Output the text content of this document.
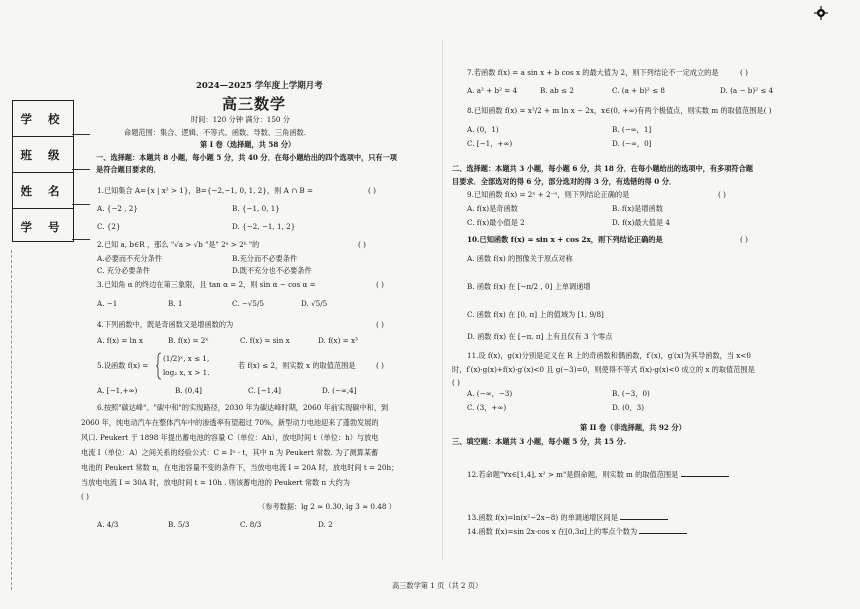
学 校
班 级
姓 名
学 号
2024—2025 学年度上学期月考
高三数学
时间：120 分钟 满分：150 分
命题范围：集合、逻辑、不等式、函数、导数、三角函数.
第 I 卷（选择题，共 58 分）
一、选择题：本题共 8 小题，每小题 5 分，共 40 分．在每小题给出的四个选项中，只有一项
是符合题目要求的．
1.已知集合 A={x | x² > 1}，B={−2,−1, 0, 1, 2}，则 A ∩ B =	( )
A. {−2 , 2}	B. {−1, 0, 1}
C. {2}	D. {−2, −1, 1, 2}
2.已知 a, b∈R ，那么 "√a > √b "是" 2ᵃ > 2ᵇ "的	( )
A.必要而不充分条件	B.充分而不必要条件
C. 充分必要条件	D.既不充分也不必要条件
3.已知角 α 的终边在第三象限，且 tan α = 2，则 sin α − cos α =	( )
A. −1	B. 1	C. −√5/5	D. √5/5
4.下列函数中，既是奇函数又是增函数的为	( )
A. f(x) = ln x	B. f(x) = 2ˣ	C. f(x) = sin x	D. f(x) = x³
5.设函数 f(x) =
(1/2)ˣ, x ≤ 1,
log₂ x, x > 1.
若 f(x) ≤ 2，则实数 x 的取值范围是	( )
A. [−1,+∞)	B. (0,4]	C. [−1,4]	D. (−∞,4]
6.按照"碳达峰"、"碳中和"的实现路径，2030 年为碳达峰时期，2060 年前实现碳中和，到
2060 年，纯电动汽车在整体汽车中的渗透率有望超过 70%，新型动力电池迎来了蓬勃发展的
风口. Peukert 于 1898 年提出蓄电池的容量 C（单位：Ah），放电时间 t（单位：h）与放电
电流 I（单位：A）之间关系的经验公式：C = Iⁿ · t，其中 n 为 Peukert 常数. 为了测算某蓄
电池的 Peukert 常数 n，在电池容量不变的条件下，当放电电流 I = 20A 时，放电时间 t = 20h；
当放电电流 I = 30A 时，放电时间 t = 10h . 则该蓄电池的 Peukert 常数 n 大约为
( )
（参考数据：lg 2 ≈ 0.30, lg 3 ≈ 0.48 ）
A. 4/3	B. 5/3	C. 8/3	D. 2
7.若函数 f(x) = a sin x + b cos x 的最大值为 2，则下列结论不一定成立的是	( )
A. a² + b² = 4	B. ab ≤ 2	C. (a + b)² ≤ 8	D. (a − b)² ≤ 4
8.已知函数 f(x) = x²/2 + m ln x − 2x，x∈(0, +∞)有两个极值点，则实数 m 的取值范围是( )
A. (0，1)	B. (−∞，1]
C. [−1，+∞)	D. (−∞，0]
二、选择题：本题共 3 小题，每小题 6 分，共 18 分．在每小题给出的选项中，有多项符合题
目要求．全部选对的得 6 分，部分选对的得 3 分，有选错的得 0 分．
9.已知函数 f(x) = 2ˣ + 2⁻ˣ，则下列结论正确的是	( )
A. f(x)是奇函数	B. f(x)是增函数
C. f(x)最小值是 2	D. f(x)最大值是 4
10.已知函数 f(x) = sin x + cos 2x，则下列结论正确的是	( )
A. 函数 f(x) 的图像关于原点对称
B. 函数 f(x) 在 [−π/2 , 0] 上单调递增
C. 函数 f(x) 在 [0, π] 上的值域为 [1, 9/8]
D. 函数 f(x) 在 [−π, π] 上有且仅有 3 个零点
11.设 f(x)，g(x)分别是定义在 R 上的奇函数和偶函数，f′(x)，g′(x)为其导函数，当 x<0
时，f′(x)·g(x)+f(x)·g′(x)<0 且 g(−3)=0，则使得不等式 f(x)·g(x)<0 成立的 x 的取值范围是
( )
A. (−∞，−3)	B. (−3，0)
C. (3，+∞)	D. (0，3)
第 II 卷（非选择题，共 92 分）
三、填空题：本题共 3 小题，每小题 5 分，共 15 分.
12.若命题"∀x∈[1,4], x² > m"是假命题，则实数 m 的取值范围是
13.函数 f(x)=ln(x²−2x−8) 的单调递增区间是
14.函数 f(x)=sin 2x·cos x 在[0,3π]上的零点个数为
高三数学第 1 页（共 2 页）
